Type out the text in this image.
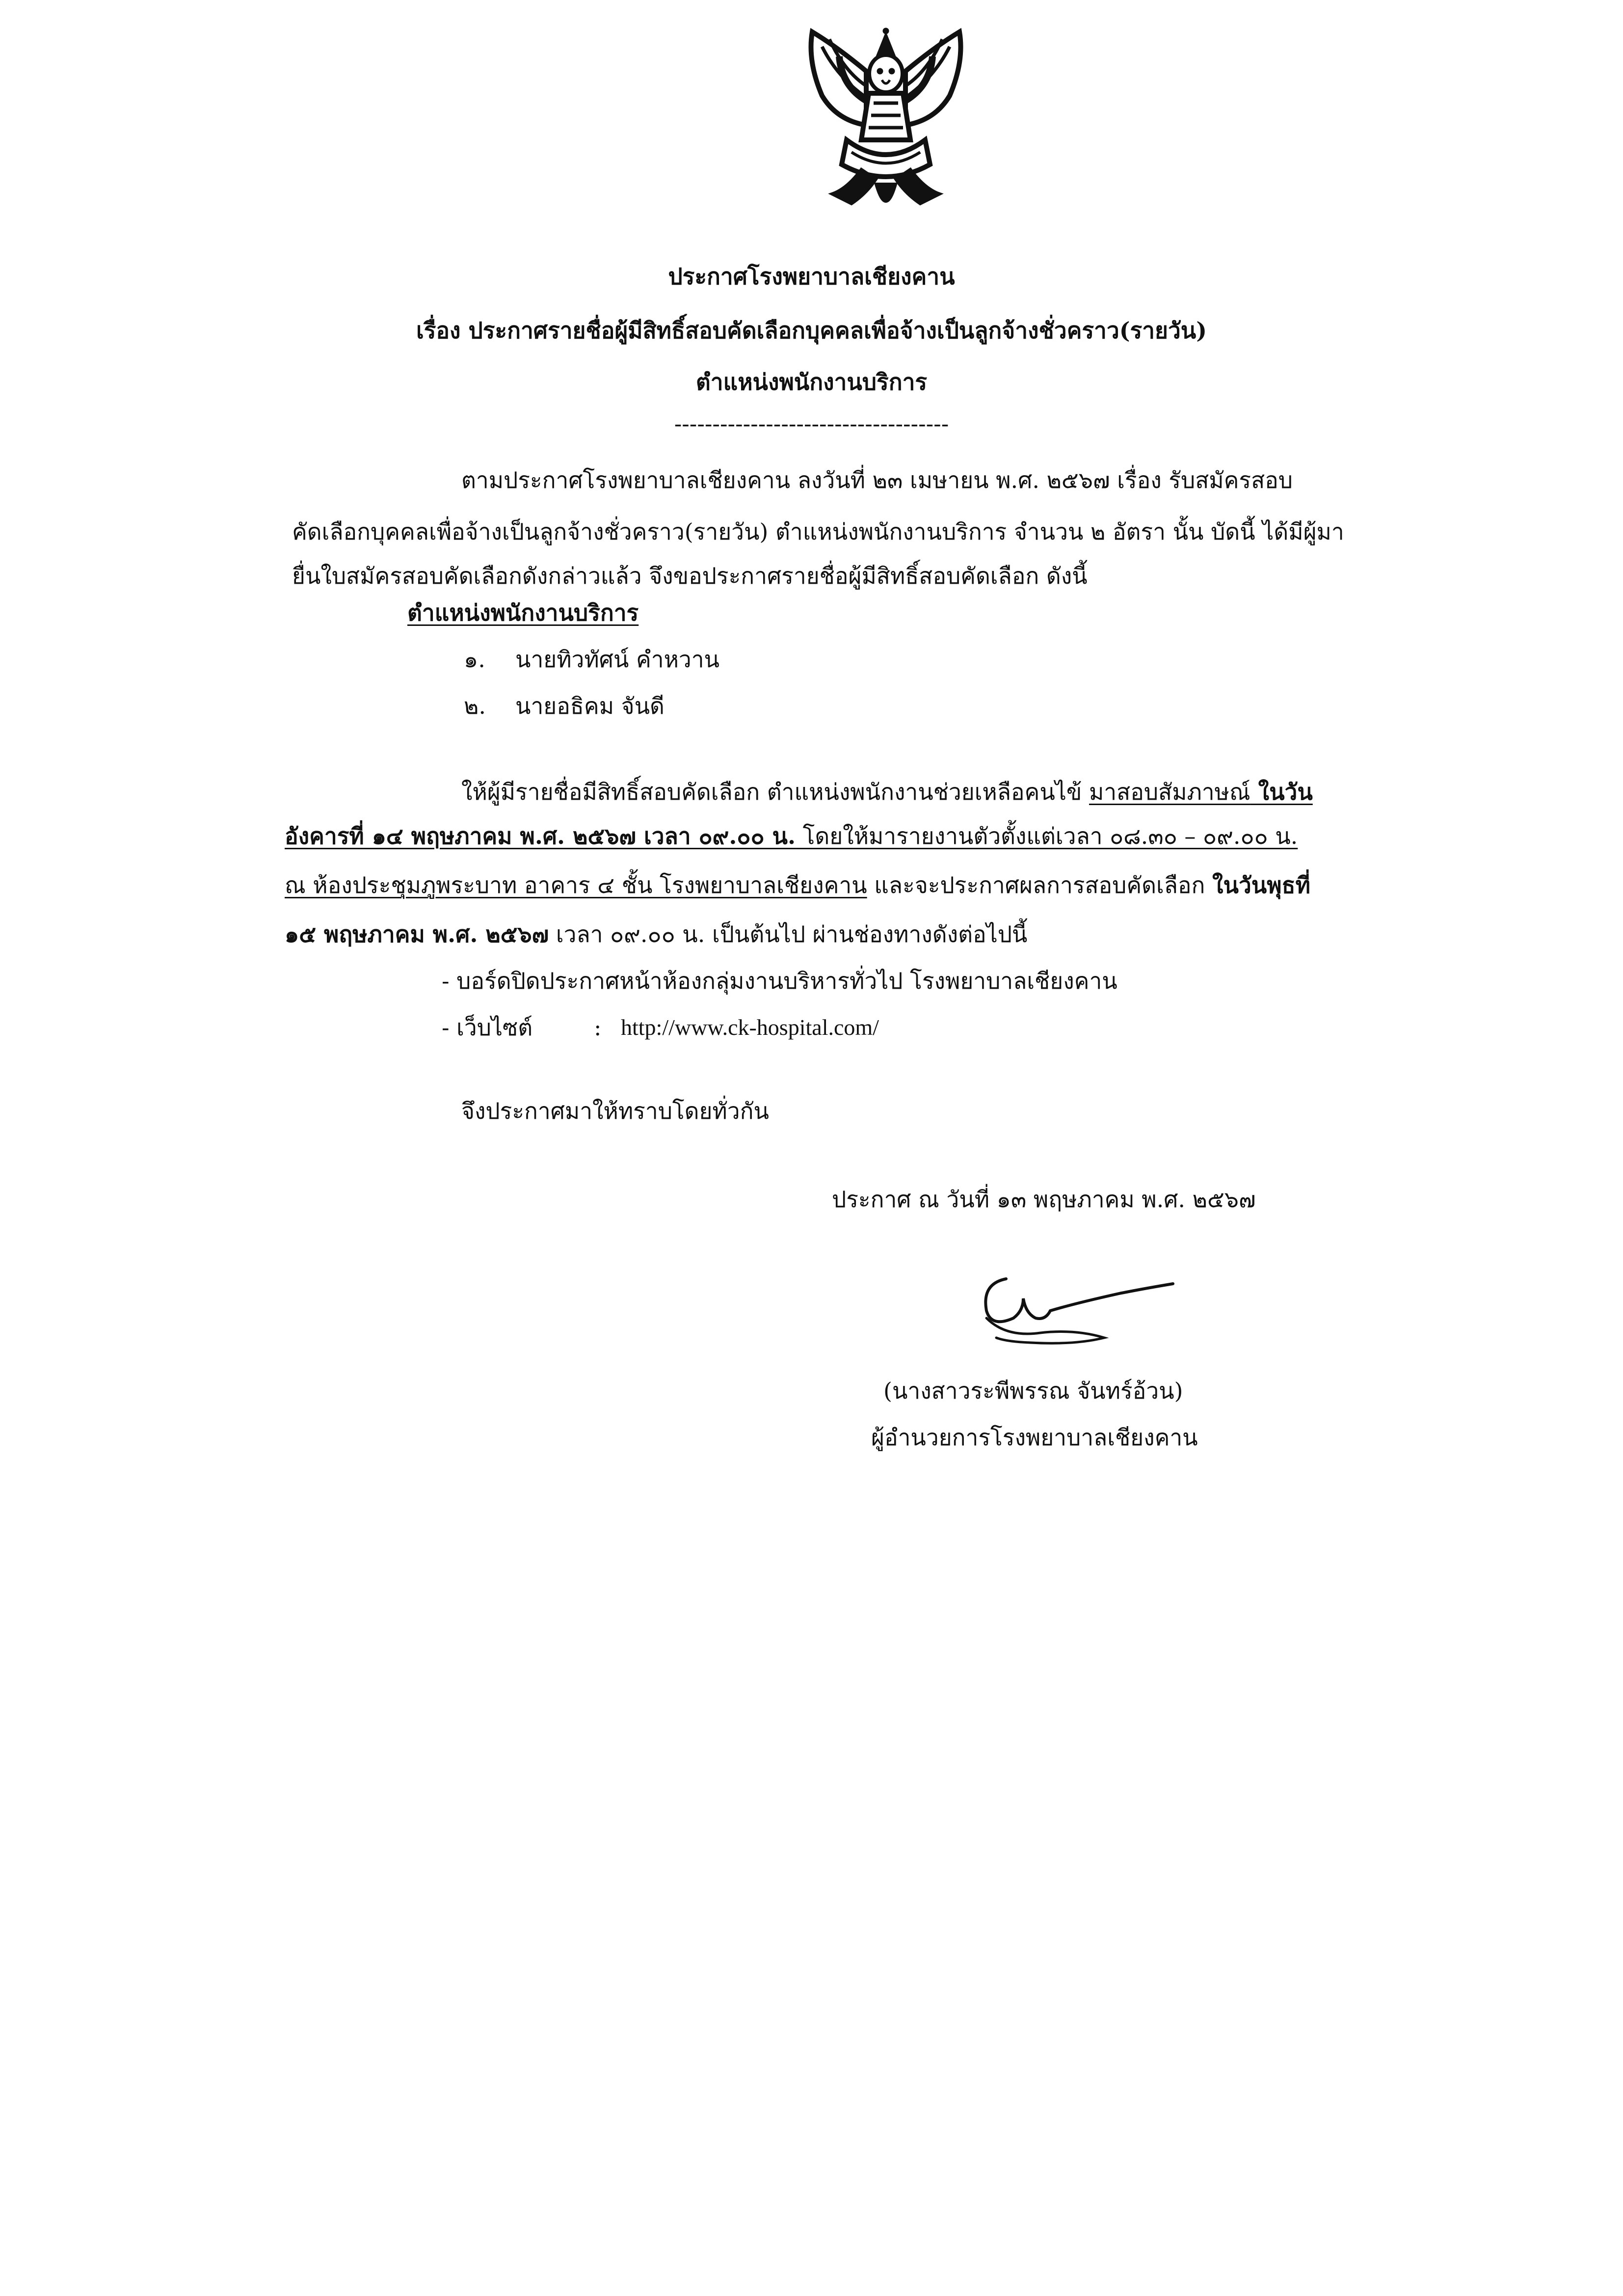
ประกาศโรงพยาบาลเชียงคาน
เรื่อง ประกาศรายชื่อผู้มีสิทธิ์สอบคัดเลือกบุคคลเพื่อจ้างเป็นลูกจ้างชั่วคราว(รายวัน)
ตำแหน่งพนักงานบริการ
------------------------------------
ตามประกาศโรงพยาบาลเชียงคาน ลงวันที่ ๒๓ เมษายน พ.ศ. ๒๕๖๗ เรื่อง รับสมัครสอบ
คัดเลือกบุคคลเพื่อจ้างเป็นลูกจ้างชั่วคราว(รายวัน) ตำแหน่งพนักงานบริการ จำนวน ๒ อัตรา นั้น บัดนี้ ได้มีผู้มา
ยื่นใบสมัครสอบคัดเลือกดังกล่าวแล้ว จึงขอประกาศรายชื่อผู้มีสิทธิ์สอบคัดเลือก ดังนี้
ตำแหน่งพนักงานบริการ
๑. นายทิวทัศน์ คำหวาน
๒. นายอธิคม จันดี
ให้ผู้มีรายชื่อมีสิทธิ์สอบคัดเลือก ตำแหน่งพนักงานช่วยเหลือคนไข้ มาสอบสัมภาษณ์ ในวัน
อังคารที่ ๑๔ พฤษภาคม พ.ศ. ๒๕๖๗ เวลา ๐๙.๐๐ น. โดยให้มารายงานตัวตั้งแต่เวลา ๐๘.๓๐ – ๐๙.๐๐ น.
ณ ห้องประชุมภูพระบาท อาคาร ๔ ชั้น โรงพยาบาลเชียงคาน และจะประกาศผลการสอบคัดเลือก ในวันพุธที่
๑๕ พฤษภาคม พ.ศ. ๒๕๖๗ เวลา ๐๙.๐๐ น. เป็นต้นไป ผ่านช่องทางดังต่อไปนี้
- บอร์ดปิดประกาศหน้าห้องกลุ่มงานบริหารทั่วไป โรงพยาบาลเชียงคาน
- เว็บไซต์	: http://www.ck-hospital.com/
จึงประกาศมาให้ทราบโดยทั่วกัน
ประกาศ ณ วันที่ ๑๓ พฤษภาคม พ.ศ. ๒๕๖๗
(นางสาวระพีพรรณ จันทร์อ้วน)
ผู้อำนวยการโรงพยาบาลเชียงคาน
